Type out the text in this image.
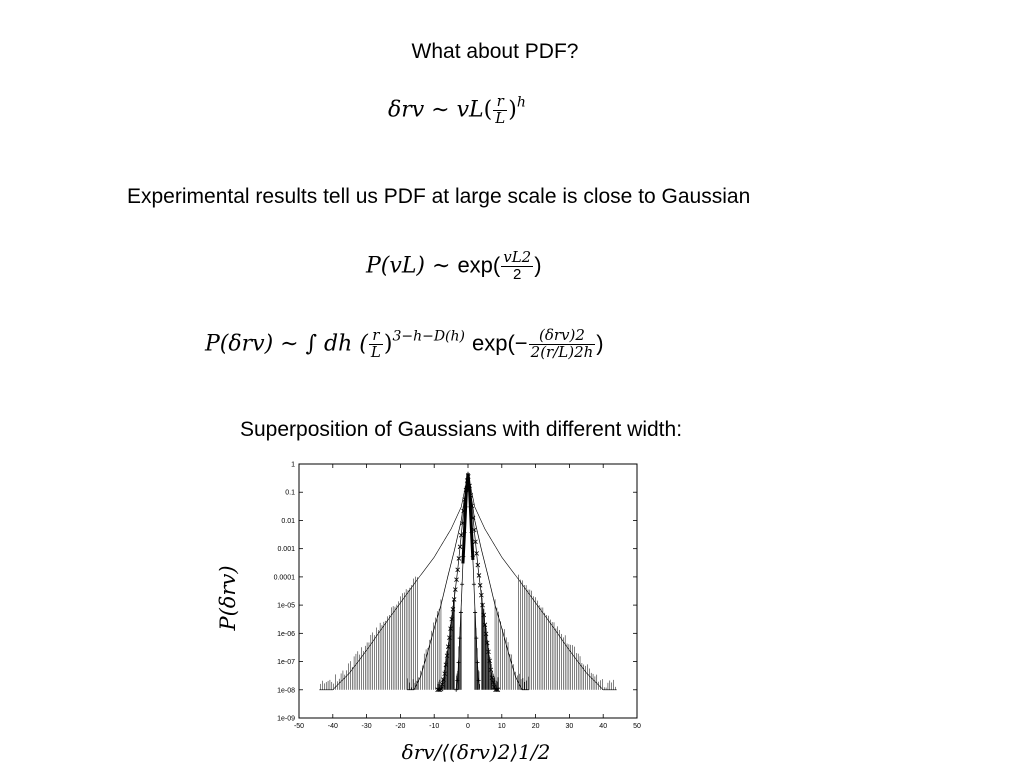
What about PDF?
δrv ∼ $vL( \frac{r}{L} )^h$
Experimental results tell us PDF at large scale is close to Gaussian
P(vL) ∼ $\exp( \frac{vL2}{2}$ )
P(δrv) ∼ ∫ dh ( $\frac{r}{L} )^{3-h-D(h)}$ $\exp(- \frac{\text{(δrv)2}}{2(r/L)2h}$ )
Superposition of Gaussians with different width:
1
0.1
0.01
0.001
0.0001
1e-05
1e-06
1e-07
1e-08
1e-09
-50	-40	-30	-20	-10	0	10	20	30	40	50
P(δrv)
δrv/⟨(δrv)2⟩1/2
